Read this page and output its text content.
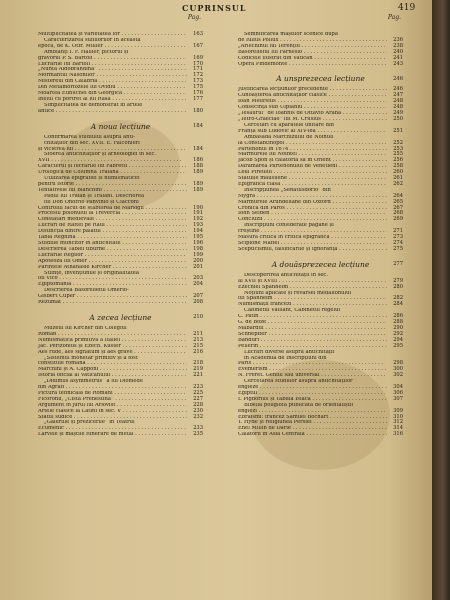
CUPRINSUL	419
Pag.
Multiplicitatea și varietatea lor . . .	163
Caracterizarea sufluorilor în această
epocă, de K. Otfr. Müller . . .	167
Ambianți I. F. Hallier, pictorul și
gravorul P. S. Bartoli . . .	169
Lucrările lui Bartoli . . .	170
„Nuntă Aldobrandină” . . .	171
Mormântul Nasonilor . . .	172
Mistereul din Calabria . . .	173
Din Metamorfozele lui Ovidiu . . .	175
Moartea Eunuchei din Georgica . . .	176
Inelul cu portret al lui Rasa . . .	177
Simplicitatea de demonstrat în artele
antice . . .	180
A noua lecțiune	184
Confirmarea studiului asupra anti-
chitățiior din sec. XVII. E. Falconieri
și vicierea lui . . .	184
Sfoerea antichităților și arheologiei în sec.
XVII . . .	186
Caracterul și lucrările lui Fabretti . . .	188
Urologica de Columna Traiana . . .	189
Utilizarea epigrafiei și numismaticei
pentru istorie . . .	189
Tentativele lui Bianchini . . .	189
Padul lui Traian și Traiani. Descrierea
lui Don Onofrio Panvinio și Ciacconi
Controlul făcut de stabilirea de Marsigli . . .	190
Procesul polonului la Trevercia . . .	191
Constatări medievale . . .	192
Lucrări de Raftei pe Raul . . .	193
Distincția dintre palatul . . .	194
Tabla Reghină . . .	195
Studiile muncitor în antichitate . . .	196
Descrierea Tablei tiburne . . .	198
Lucrările Regilor . . .	199
Apoteoza lui Omer . . .	200
Părintele Athanasie Kircher . . .	201
Stiințe, invențiunile și originalitatea
lui Vico . . .	203
Egiptomania . . .	204
Descrierea Basorelieful Omerio-
Gisbert Cuper . . .	207
Rezumat . . .	208
A zecea lecțiune	210
Muzeul lui Kircher din Colegiul
Roman . . .	211
Numismatica primitivă a Italiei . . .	213
Jac. Perizonius și Ezech. Kuster . . .	215
Aes rude, aes signatum și aes grave . . .	216
„Sistemul monetar primitiv și a fost
constituie romană . . .	218
Marchini și A. Capponi . . .	219
Istoria oficial al Vaticanului . . .	221
„Didimus asymmetrus” a lui Diomede
din Agrafi . . .	223
Pictura tehnicală de Romani . . .	225
Ficoronii, „Cista Prenestină” . . .	227
Argument în jurul lui Ariovist . . .	228
Artele clasice la Latini în sec. V . . .	230
Sfatul sudice . . .	232
„Galeriile și prezicerile” în Teatrul
Ecumenic . . .	233
Larvele și măștile funerare de metal . . .	235
Pag.
Semnificarea măștilor scenice după
de Iulius Pollux . . .	236
„Arlechinul lui Terențiu . . .	238
Basorelieful lui Farnesio . . .	240
Codicele ilustrat din Vatican . . .	241
Opera Pindemonte . . .	243
A unsprezecea lecțiune	246
Justificarea lecțiunilor precedente . . .	246
Cunoașterea antichităților clasice . . .	247
Ioan Meursius . . .	248
Consecința sub Ulpianiu . . .	248
„Tesaurul” de Ioannis de Ottavio Arana . . .	249
„Tetro-Graeciae” lui M. Crusius . . .	250
Cercetări cu aparatele unitare din
Franța sub Ludovic al XIV-lea . . .	251
Ambasada Marchizului de Nointel
la Constantinopol . . .	252
Partenonul în 1674 . . .	253
Marmurele lui Nointel . . .	255
Jacob Spon și călătoria sa în Orient . . .	256
Dărâmarea Partenonului de Venetieni . . .	258
Leul Pireului . . .	260
Statuile mausilene . . .	261
Epigrafica clasă . . .	262
Inscripțiunea „Senatusdorio” din
Mygra . . .	264
Marmurele Arundeliane din Oxford . . .	265
Cronica din Paros . . .	267
Iohn Selden . . .	268
Concluzii . . .	269
Inscripțiuni considerate păgâne și
creștine . . .	271
Măsura critică în critica epigrafică . . .	273
Scipione Maffei . . .	274
Scepticismul, falsificările și ignoranța . . .	275
A douăsprezecea lecțiune	277
Descoperirea antichității în sec.
al XVII și XVIII . . .	279
Ezechiel Spanheim . . .	280
Noțiuni aplicate și revarsei medalionului
lui Spanheim . . .	282
Numismații francezi . . .	284
Cabinetul Vaillant, Cabinetul regelui
C. Patin . . .	286
G. de Boze . . .	288
Mabardul . . .	290
Schnepffer . . .	292
Banduri . . .	294
Pellerin . . .	295
Lucrări diverse asupra antichității
în Academia de Inscripțiuni din
Paris . . .	298
Evemerism . . .	300
N. Fréret. Geniul său universal . . .	302
Cercetarea studiilor asupra antichităților
engleze . . .	304
Egiptul . . .	306
I. Pignorius și Tabula Isiacă . . .	307
Bibelia poliglotă publicată de orientaliștii
englezi . . .	309
Ebraismi: francez Samuel Bochart . . .	310
T. Hyde și religiunea Persiei . . .	312
Enel Millin de Darie . . .	314
Călătorii în Asia Centrală . . .	316
